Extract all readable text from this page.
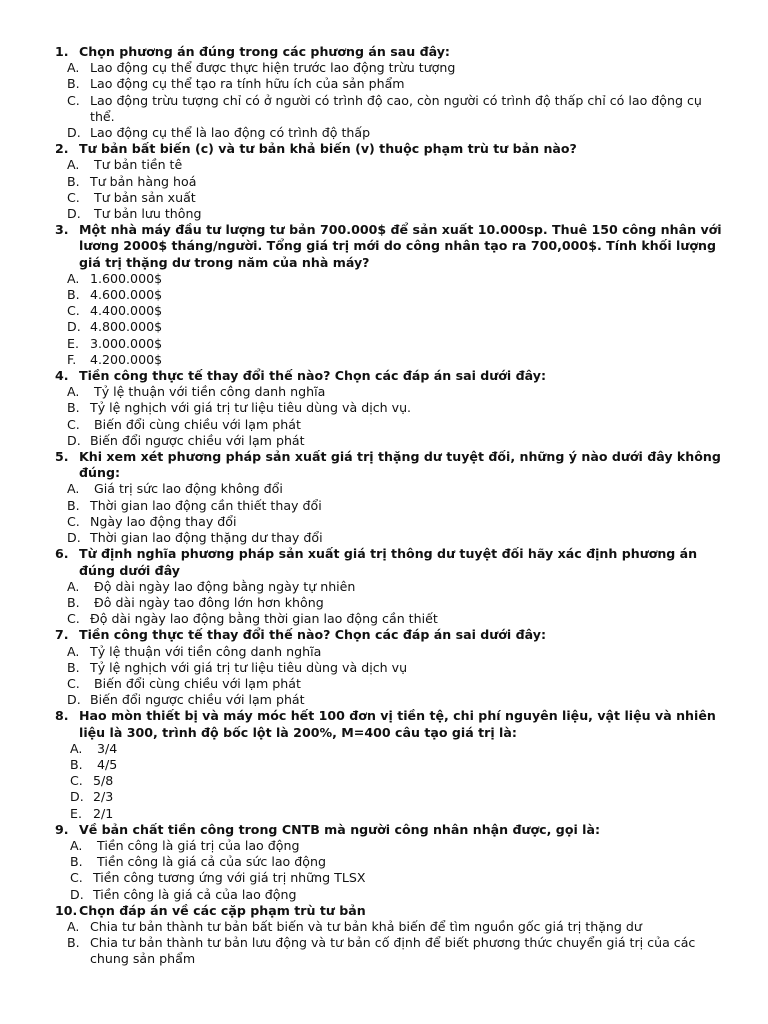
1. Chọn phương án đúng trong các phương án sau đây:
A. Lao động cụ thể được thực hiện trước lao động trừu tượng
B. Lao động cụ thể tạo ra tính hữu ích của sản phẩm
C. Lao động trừu tượng chỉ có ở người có trình độ cao, còn người có trình độ thấp chỉ có lao động cụ thể.
D. Lao động cụ thể là lao động có trình độ thấp
2. Tư bản bất biến (c) và tư bản khả biến (v) thuộc phạm trù tư bản nào?
A. Tư bản tiền tê
B. Tư bản hàng hoá
C. Tư bản sản xuất
D. Tư bản lưu thông
3. Một nhà máy đầu tư lượng tư bản 700.000$ để sản xuất 10.000sp. Thuê 150 công nhân với lương 2000$ tháng/người. Tổng giá trị mới do công nhân tạo ra 700,000$. Tính khối lượng giá trị thặng dư trong năm của nhà máy?
A. 1.600.000$
B. 4.600.000$
C. 4.400.000$
D. 4.800.000$
E. 3.000.000$
F.	4.200.000$
4. Tiền công thực tế thay đổi thế nào? Chọn các đáp án sai dưới đây:
A. Tỷ lệ thuận với tiền công danh nghĩa
B. Tỷ lệ nghịch với giá trị tư liệu tiêu dùng và dịch vụ.
C. Biến đổi cùng chiều với lạm phát
D. Biến đổi ngược chiều với lạm phát
5. Khi xem xét phương pháp sản xuất giá trị thặng dư tuyệt đối, những ý nào dưới đây không đúng:
A. Giá trị sức lao động không đổi
B. Thời gian lao động cần thiết thay đổi
C. Ngày lao động thay đổi
D. Thời gian lao động thặng dư thay đổi
6. Từ định nghĩa phương pháp sản xuất giá trị thông dư tuyệt đối hãy xác định phương án đúng dưới đây
A. Độ dài ngày lao động bằng ngày tự nhiên
B. Đô dài ngày tao đông lớn hơn không
C. Độ dài ngày lao động bằng thời gian lao động cần thiết
7. Tiền công thực tế thay đổi thế nào? Chọn các đáp án sai dưới đây:
A. Tỷ lệ thuận với tiền công danh nghĩa
B. Tỷ lệ nghịch với giá trị tư liệu tiêu dùng và dịch vụ
C. Biến đổi cùng chiều với lạm phát
D. Biến đổi ngược chiều với lạm phát
8. Hao mòn thiết bị và máy móc hết 100 đơn vị tiền tệ, chi phí nguyên liệu, vật liệu và nhiên liệu là 300, trình độ bốc lột là 200%, M=400 câu tạo giá trị là:
A. 3/4
B. 4/5
C. 5/8
D. 2/3
E. 2/1
9. Về bản chất tiền công trong CNTB mà người công nhân nhận được, gọi là:
A. Tiền công là giá trị của lao động
B. Tiền công là giá cả của sức lao động
C. Tiền công tương ứng với giá trị những TLSX
D. Tiền công là giá cả của lao động
10. Chọn đáp án về các cặp phạm trù tư bản
A. Chia tư bản thành tư bản bất biến và tư bản khả biến để tìm nguồn gốc giá trị thặng dư
B. Chia tư bản thành tư bản lưu động và tư bản cố định để biết phương thức chuyển giá trị của các chung sản phẩm
